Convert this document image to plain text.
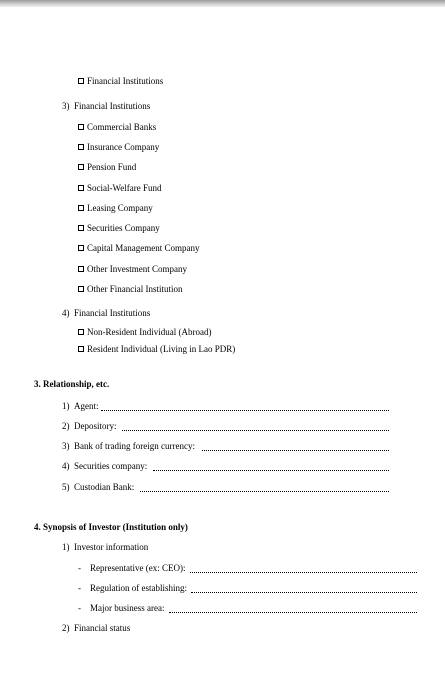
Financial Institutions
3) Financial Institutions
Commercial Banks
Insurance Company
Pension Fund
Social-Welfare Fund
Leasing Company
Securities Company
Capital Management Company
Other Investment Company
Other Financial Institution
4) Financial Institutions
Non-Resident Individual (Abroad)
Resident Individual (Living in Lao PDR)
3. Relationship, etc.
1) Agent:
2) Depository:
3) Bank of trading foreign currency:
4) Securities company:
5) Custodian Bank:
4. Synopsis of Investor (Institution only)
1) Investor information
- Representative (ex: CEO):
- Regulation of establishing:
- Major business area:
2) Financial status
